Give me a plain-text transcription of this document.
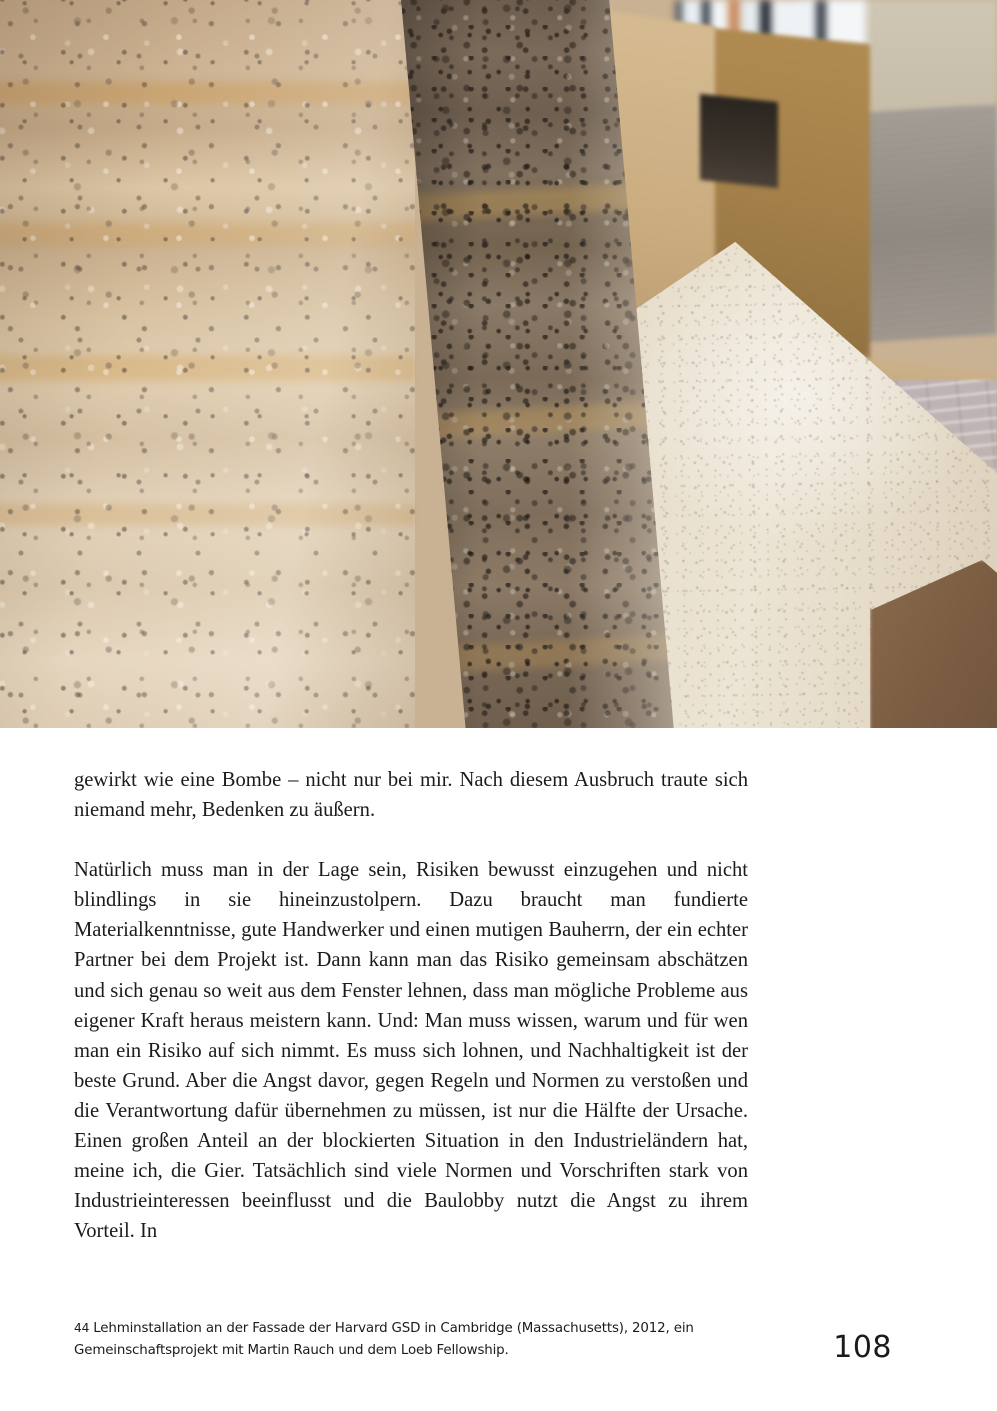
gewirkt wie eine Bombe – nicht nur bei mir. Nach diesem Ausbruch traute sich niemand mehr, Bedenken zu äußern.

Natürlich muss man in der Lage sein, Risiken bewusst einzugehen und nicht blindlings in sie hineinzustolpern. Dazu braucht man fundierte Materialkenntnisse, gute Handwerker und einen mutigen Bauherrn, der ein echter Partner bei dem Projekt ist. Dann kann man das Risiko gemeinsam abschätzen und sich genau so weit aus dem Fenster lehnen, dass man mögliche Probleme aus eigener Kraft heraus meistern kann. Und: Man muss wissen, warum und für wen man ein Risiko auf sich nimmt. Es muss sich lohnen, und Nachhaltigkeit ist der beste Grund. Aber die Angst davor, gegen Regeln und Normen zu verstoßen und die Verantwortung dafür übernehmen zu müssen, ist nur die Hälfte der Ursache. Einen großen Anteil an der blockierten Situation in den Industrieländern hat, meine ich, die Gier. Tatsächlich sind viele Normen und Vorschriften stark von Industrieinteressen beeinflusst und die Baulobby nutzt die Angst zu ihrem Vorteil. In

44 Lehminstallation an der Fassade der Harvard GSD in Cambridge (Massachusetts), 2012, ein Gemeinschaftsprojekt mit Martin Rauch und dem Loeb Fellowship.	108
